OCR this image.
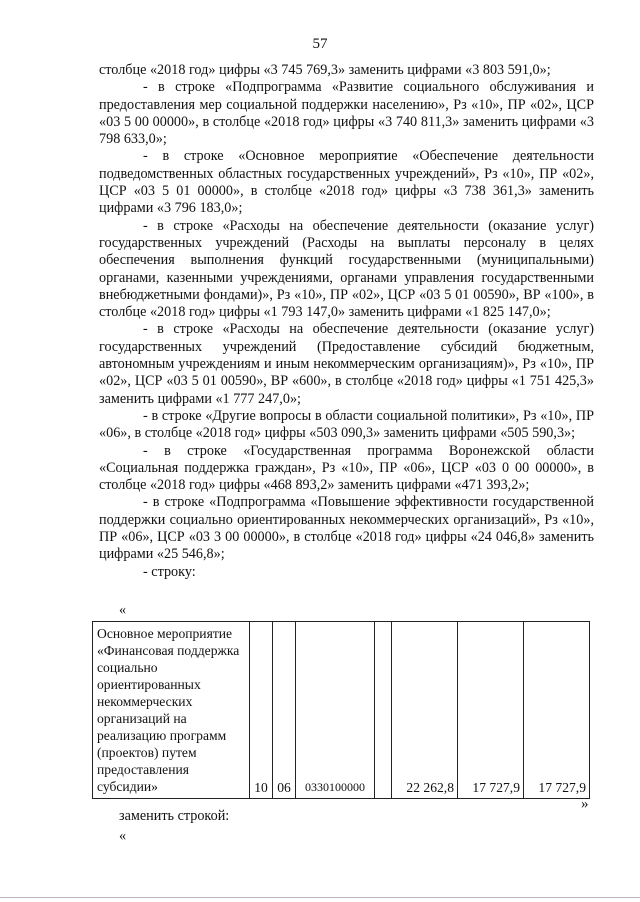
57

столбце «2018 год» цифры «3 745 769,3» заменить цифрами «3 803 591,0»;

- в строке «Подпрограмма «Развитие социального обслуживания и предоставления мер социальной поддержки населению», Рз «10», ПР «02», ЦСР «03 5 00 00000», в столбце «2018 год» цифры «3 740 811,3» заменить цифрами «3 798 633,0»;

- в строке «Основное мероприятие «Обеспечение деятельности подведомственных областных государственных учреждений», Рз «10», ПР «02», ЦСР «03 5 01 00000», в столбце «2018 год» цифры «3 738 361,3» заменить цифрами «3 796 183,0»;

- в строке «Расходы на обеспечение деятельности (оказание услуг) государственных учреждений (Расходы на выплаты персоналу в целях обеспечения выполнения функций государственными (муниципальными) органами, казенными учреждениями, органами управления государственными внебюджетными фондами)», Рз «10», ПР «02», ЦСР «03 5 01 00590», ВР «100», в столбце «2018 год» цифры «1 793 147,0» заменить цифрами «1 825 147,0»;

- в строке «Расходы на обеспечение деятельности (оказание услуг) государственных учреждений (Предоставление субсидий бюджетным, автономным учреждениям и иным некоммерческим организациям)», Рз «10», ПР «02», ЦСР «03 5 01 00590», ВР «600», в столбце «2018 год» цифры «1 751 425,3» заменить цифрами «1 777 247,0»;

- в строке «Другие вопросы в области социальной политики», Рз «10», ПР «06», в столбце «2018 год» цифры «503 090,3» заменить цифрами «505 590,3»;

- в строке «Государственная программа Воронежской области «Социальная поддержка граждан», Рз «10», ПР «06», ЦСР «03 0 00 00000», в столбце «2018 год» цифры «468 893,2» заменить цифрами «471 393,2»;

- в строке «Подпрограмма «Повышение эффективности государственной поддержки социально ориентированных некоммерческих организаций», Рз «10», ПР «06», ЦСР «03 3 00 00000», в столбце «2018 год» цифры «24 046,8» заменить цифрами «25 546,8»;

- строку:

«
Основное мероприятие «Финансовая поддержка социально ориентированных некоммерческих организаций на реализацию программ (проектов) путем предоставления субсидии»	10	06	0330100000		22 262,8	17 727,9	17 727,9
»
заменить строкой:
«
